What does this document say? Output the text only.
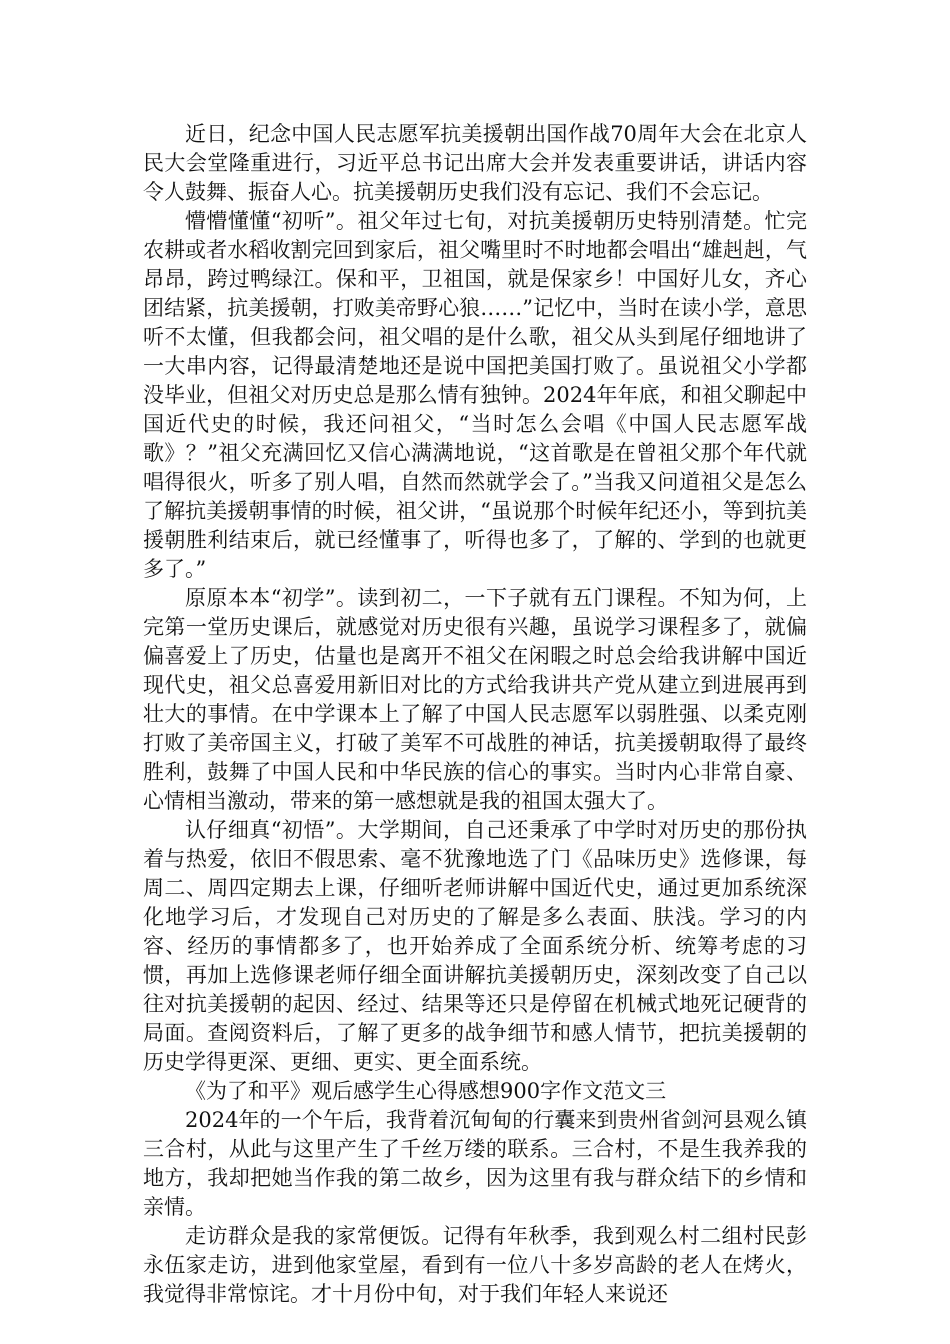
近日，纪念中国人民志愿军抗美援朝出国作战70周年大会在北京人民大会堂隆重进行，习近平总书记出席大会并发表重要讲话，讲话内容令人鼓舞、振奋人心。抗美援朝历史我们没有忘记、我们不会忘记。

懵懵懂懂“初听”。祖父年过七旬，对抗美援朝历史特别清楚。忙完农耕或者水稻收割完回到家后，祖父嘴里时不时地都会唱出“雄赳赳，气昂昂，跨过鸭绿江。保和平，卫祖国，就是保家乡！中国好儿女，齐心团结紧，抗美援朝，打败美帝野心狼……”记忆中，当时在读小学，意思听不太懂，但我都会问，祖父唱的是什么歌，祖父从头到尾仔细地讲了一大串内容，记得最清楚地还是说中国把美国打败了。虽说祖父小学都没毕业，但祖父对历史总是那么情有独钟。2024年年底，和祖父聊起中国近代史的时候，我还问祖父，“当时怎么会唱《中国人民志愿军战歌》？”祖父充满回忆又信心满满地说，“这首歌是在曾祖父那个年代就唱得很火，听多了别人唱，自然而然就学会了。”当我又问道祖父是怎么了解抗美援朝事情的时候，祖父讲，“虽说那个时候年纪还小，等到抗美援朝胜利结束后，就已经懂事了，听得也多了，了解的、学到的也就更多了。”

原原本本“初学”。读到初二，一下子就有五门课程。不知为何，上完第一堂历史课后，就感觉对历史很有兴趣，虽说学习课程多了，就偏偏喜爱上了历史，估量也是离开不祖父在闲暇之时总会给我讲解中国近现代史，祖父总喜爱用新旧对比的方式给我讲共产党从建立到进展再到壮大的事情。在中学课本上了解了中国人民志愿军以弱胜强、以柔克刚打败了美帝国主义，打破了美军不可战胜的神话，抗美援朝取得了最终胜利，鼓舞了中国人民和中华民族的信心的事实。当时内心非常自豪、心情相当激动，带来的第一感想就是我的祖国太强大了。

认仔细真“初悟”。大学期间，自己还秉承了中学时对历史的那份执着与热爱，依旧不假思索、毫不犹豫地选了门《品味历史》选修课，每周二、周四定期去上课，仔细听老师讲解中国近代史，通过更加系统深化地学习后，才发现自己对历史的了解是多么表面、肤浅。学习的内容、经历的事情都多了，也开始养成了全面系统分析、统筹考虑的习惯，再加上选修课老师仔细全面讲解抗美援朝历史，深刻改变了自己以往对抗美援朝的起因、经过、结果等还只是停留在机械式地死记硬背的局面。查阅资料后，了解了更多的战争细节和感人情节，把抗美援朝的历史学得更深、更细、更实、更全面系统。

《为了和平》观后感学生心得感想900字作文范文三

2024年的一个午后，我背着沉甸甸的行囊来到贵州省剑河县观么镇三合村，从此与这里产生了千丝万缕的联系。三合村，不是生我养我的地方，我却把她当作我的第二故乡，因为这里有我与群众结下的乡情和亲情。

走访群众是我的家常便饭。记得有年秋季，我到观么村二组村民彭永伍家走访，进到他家堂屋，看到有一位八十多岁高龄的老人在烤火，我觉得非常惊诧。才十月份中旬，对于我们年轻人来说还
